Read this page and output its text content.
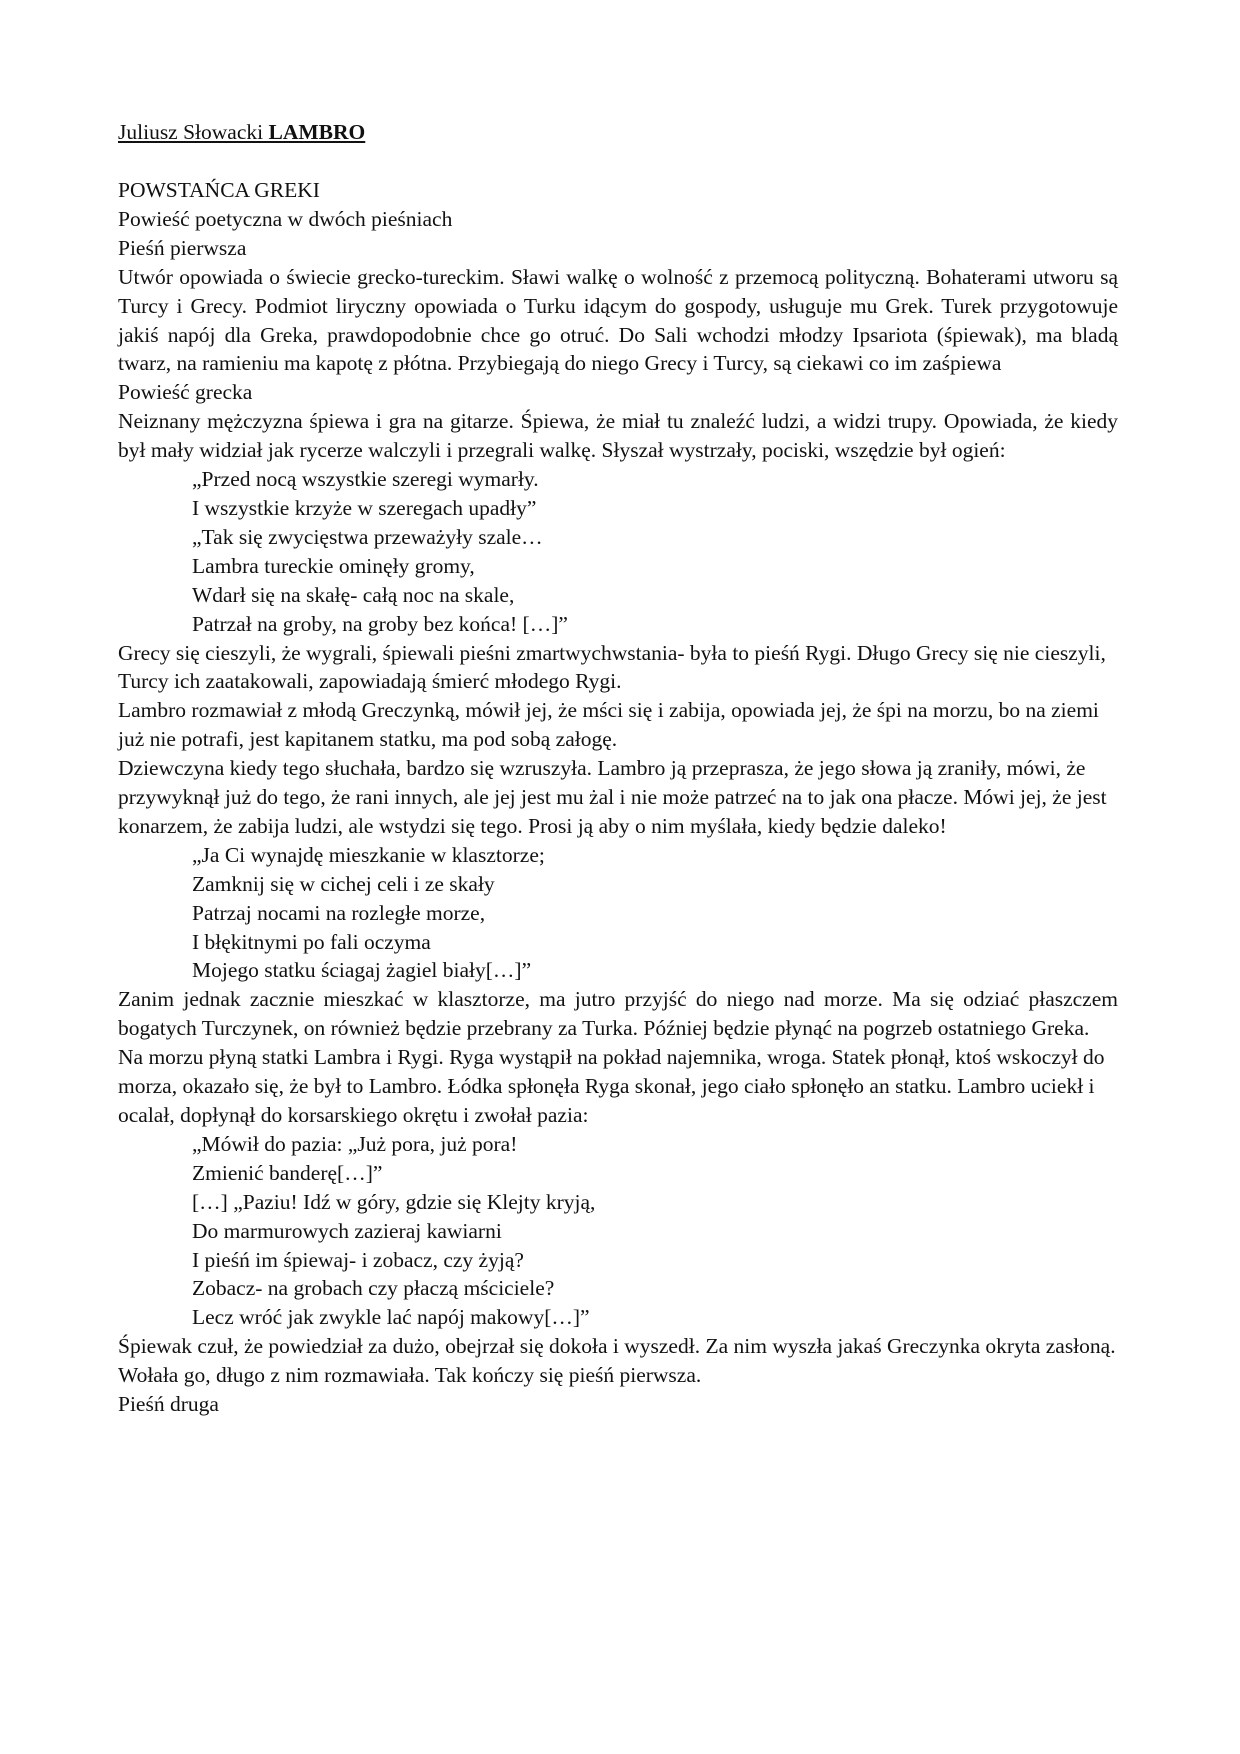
Juliusz Słowacki LAMBRO

POWSTAŃCA GREKI

Powieść poetyczna w dwóch pieśniach

Pieśń pierwsza

Utwór opowiada o świecie grecko-tureckim. Sławi walkę o wolność z przemocą polityczną. Bohaterami utworu są Turcy i Grecy. Podmiot liryczny opowiada o Turku idącym do gospody, usługuje mu Grek. Turek przygotowuje jakiś napój dla Greka, prawdopodobnie chce go otruć. Do Sali wchodzi młodzy Ipsariota (śpiewak), ma bladą twarz, na ramieniu ma kapotę z płótna. Przybiegają do niego Grecy i Turcy, są ciekawi co im zaśpiewa

Powieść grecka

Neiznany mężczyzna śpiewa i gra na gitarze. Śpiewa, że miał tu znaleźć ludzi, a widzi trupy. Opowiada, że kiedy był mały widział jak rycerze walczyli i przegrali walkę. Słyszał wystrzały, pociski, wszędzie był ogień:

„Przed nocą wszystkie szeregi wymarły.
I wszystkie krzyże w szeregach upadły”
„Tak się zwycięstwa przeważyły szale…
Lambra tureckie ominęły gromy,
Wdarł się na skałę- całą noc na skale,
Patrzał na groby, na groby bez końca! […]”

Grecy się cieszyli, że wygrali, śpiewali pieśni zmartwychwstania- była to pieśń Rygi. Długo Grecy się nie cieszyli, Turcy ich zaatakowali, zapowiadają śmierć młodego Rygi.

Lambro rozmawiał z młodą Greczynką, mówił jej, że mści się i zabija, opowiada jej, że śpi na morzu, bo na ziemi już nie potrafi, jest kapitanem statku, ma pod sobą załogę.

Dziewczyna kiedy tego słuchała, bardzo się wzruszyła. Lambro ją przeprasza, że jego słowa ją zraniły, mówi, że przywyknął już do tego, że rani innych, ale jej jest mu żal i nie może patrzeć na to jak ona płacze. Mówi jej, że jest konarzem, że zabija ludzi, ale wstydzi się tego. Prosi ją aby o nim myślała, kiedy będzie daleko!

„Ja Ci wynajdę mieszkanie w klasztorze;
Zamknij się w cichej celi i ze skały
Patrzaj nocami na rozległe morze,
I błękitnymi po fali oczyma
Mojego statku ściagaj żagiel biały[…]”

Zanim jednak zacznie mieszkać w klasztorze, ma jutro przyjść do niego nad morze. Ma się odziać płaszczem bogatych Turczynek, on również będzie przebrany za Turka. Później będzie płynąć na pogrzeb ostatniego Greka.

Na morzu płyną statki Lambra i Rygi. Ryga wystąpił na pokład najemnika, wroga. Statek płonął, ktoś wskoczył do morza, okazało się, że był to Lambro. Łódka spłonęła Ryga skonał, jego ciało spłonęło an statku. Lambro uciekł i ocalał, dopłynął do korsarskiego okrętu i zwołał pazia:

„Mówił do pazia: „Już pora, już pora!
Zmienić banderę[…]”
[…] „Paziu! Idź w góry, gdzie się Klejty kryją,
Do marmurowych zazieraj kawiarni
I pieśń im śpiewaj- i zobacz, czy żyją?
Zobacz- na grobach czy płaczą mściciele?
Lecz wróć jak zwykle lać napój makowy[…]”

Śpiewak czuł, że powiedział za dużo, obejrzał się dokoła i wyszedł. Za nim wyszła jakaś Greczynka okryta zasłoną. Wołała go, długo z nim rozmawiała. Tak kończy się pieśń pierwsza.

Pieśń druga
